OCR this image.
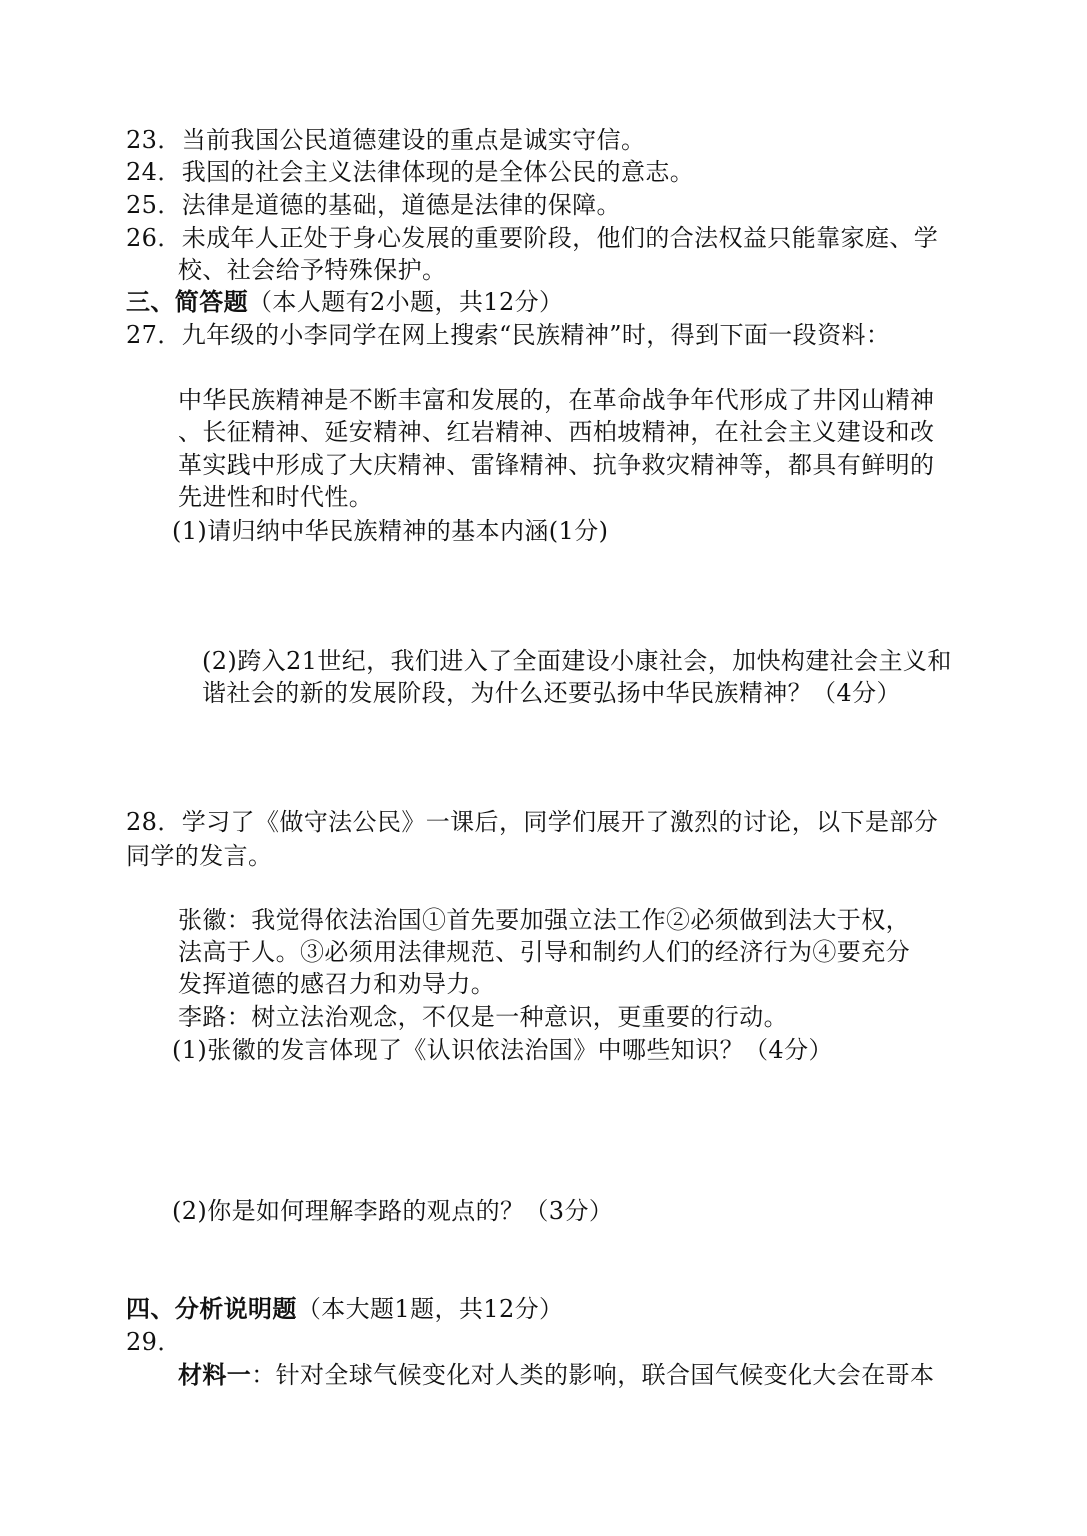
23．当前我国公民道德建设的重点是诚实守信。
24．我国的社会主义法律体现的是全体公民的意志。
25．法律是道德的基础，道德是法律的保障。
26．未成年人正处于身心发展的重要阶段，他们的合法权益只能靠家庭、学
校、社会给予特殊保护。
三、简答题（本人题有2小题，共12分）
27．九年级的小李同学在网上搜索“民族精神”时，得到下面一段资料：
中华民族精神是不断丰富和发展的，在革命战争年代形成了井冈山精神
、长征精神、延安精神、红岩精神、西柏坡精神，在社会主义建设和改
革实践中形成了大庆精神、雷锋精神、抗争救灾精神等，都具有鲜明的
先进性和时代性。
(1)请归纳中华民族精神的基本内涵(1分)
(2)跨入21世纪，我们进入了全面建设小康社会，加快构建社会主义和
谐社会的新的发展阶段，为什么还要弘扬中华民族精神？（4分）
28．学习了《做守法公民》一课后，同学们展开了激烈的讨论，以下是部分
同学的发言。
张徽：我觉得依法治国①首先要加强立法工作②必须做到法大于权，
法高于人。③必须用法律规范、引导和制约人们的经济行为④要充分
发挥道德的感召力和劝导力。
李路：树立法治观念，不仅是一种意识，更重要的行动。
(1)张徽的发言体现了《认识依法治国》中哪些知识？（4分）
(2)你是如何理解李路的观点的？（3分）
四、分析说明题（本大题1题，共12分）
29．
材料一：针对全球气候变化对人类的影响，联合国气候变化大会在哥本
